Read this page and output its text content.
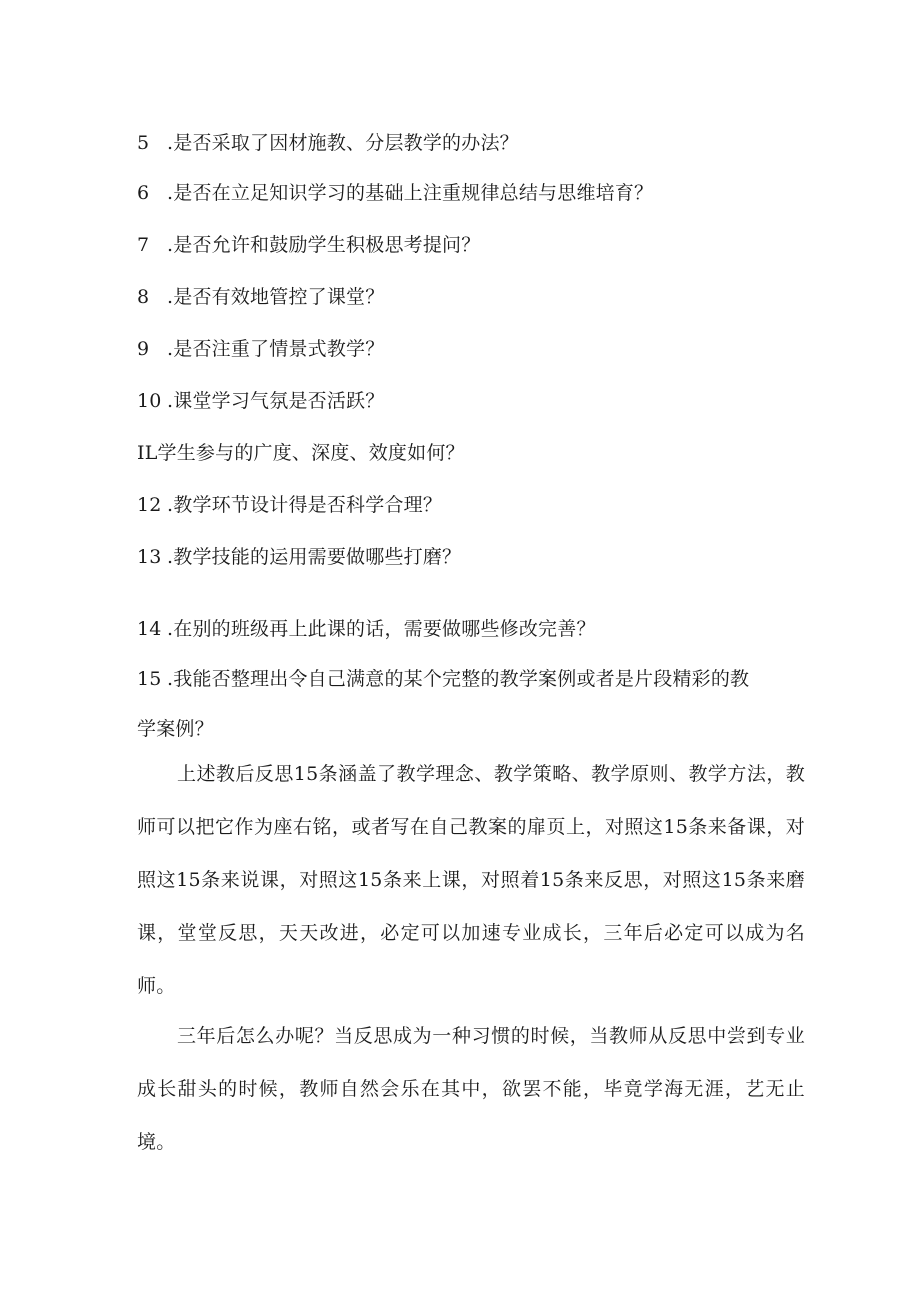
5 .是否采取了因材施教、分层教学的办法？
6 .是否在立足知识学习的基础上注重规律总结与思维培育？
7 .是否允许和鼓励学生积极思考提问？
8 .是否有效地管控了课堂？
9 .是否注重了情景式教学？
10 .课堂学习气氛是否活跃？
IL学生参与的广度、深度、效度如何？
12 .教学环节设计得是否科学合理？
13 .教学技能的运用需要做哪些打磨？
14 .在别的班级再上此课的话，需要做哪些修改完善？
15 .我能否整理出令自己满意的某个完整的教学案例或者是片段精彩的教
学案例？
上述教后反思15条涵盖了教学理念、教学策略、教学原则、教学方法，教师可以把它作为座右铭，或者写在自己教案的扉页上，对照这15条来备课，对照这15条来说课，对照这15条来上课，对照着15条来反思，对照这15条来磨课，堂堂反思，天天改进，必定可以加速专业成长，三年后必定可以成为名师。
三年后怎么办呢？当反思成为一种习惯的时候，当教师从反思中尝到专业成长甜头的时候，教师自然会乐在其中，欲罢不能，毕竟学海无涯，艺无止境。
